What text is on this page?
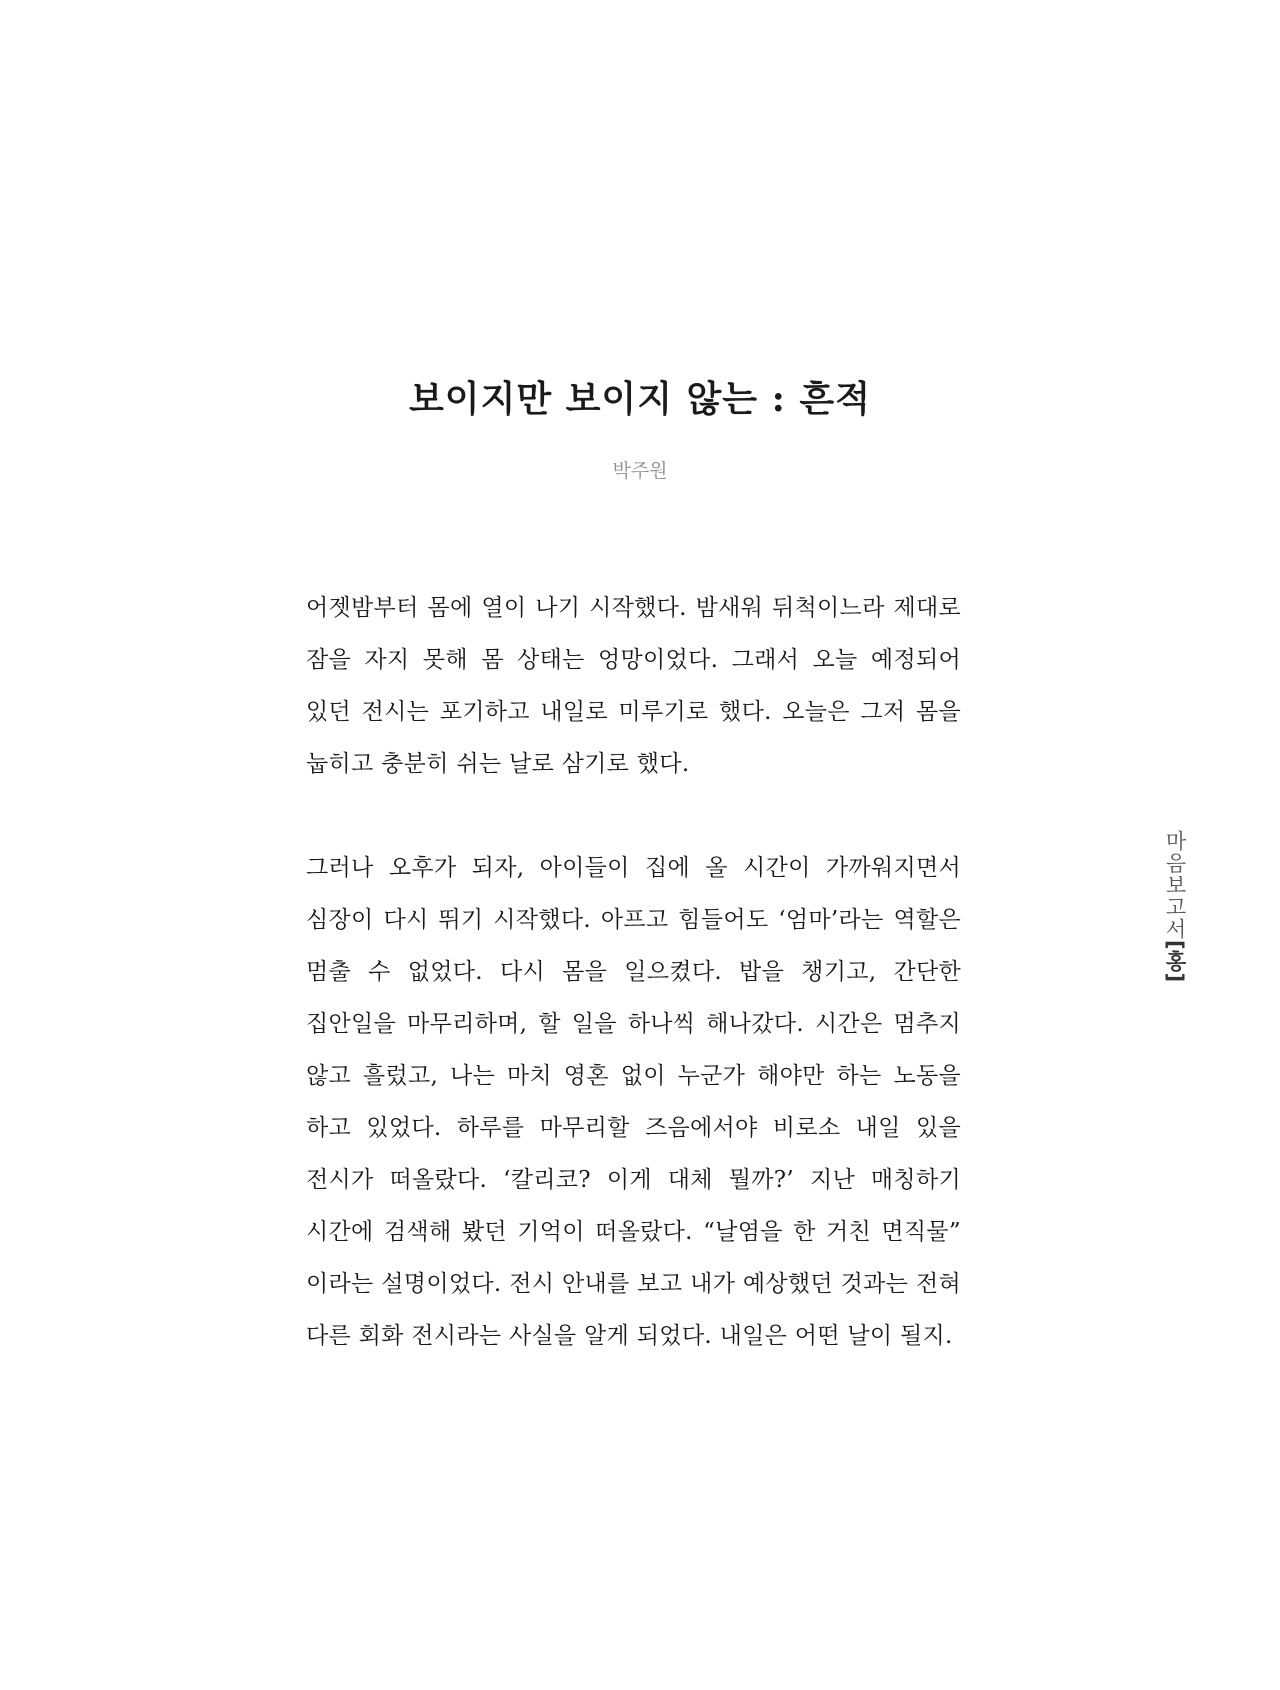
보이지만 보이지 않는 : 흔적
박주원

어젯밤부터 몸에 열이 나기 시작했다. 밤새워 뒤척이느라 제대로 잠을 자지 못해 몸 상태는 엉망이었다. 그래서 오늘 예정되어 있던 전시는 포기하고 내일로 미루기로 했다. 오늘은 그저 몸을 눕히고 충분히 쉬는 날로 삼기로 했다.

그러나 오후가 되자, 아이들이 집에 올 시간이 가까워지면서 심장이 다시 뛰기 시작했다. 아프고 힘들어도 ‘엄마’라는 역할은 멈출 수 없었다. 다시 몸을 일으켰다. 밥을 챙기고, 간단한 집안일을 마무리하며, 할 일을 하나씩 해나갔다. 시간은 멈추지 않고 흘렀고, 나는 마치 영혼 없이 누군가 해야만 하는 노동을 하고 있었다. 하루를 마무리할 즈음에서야 비로소 내일 있을 전시가 떠올랐다. ‘칼리코? 이게 대체 뭘까?’ 지난 매칭하기 시간에 검색해 봤던 기억이 떠올랐다. “날염을 한 거친 면직물” 이라는 설명이었다. 전시 안내를 보고 내가 예상했던 것과는 전혀 다른 회화 전시라는 사실을 알게 되었다. 내일은 어떤 날이 될지.

마음보고서[홍]
